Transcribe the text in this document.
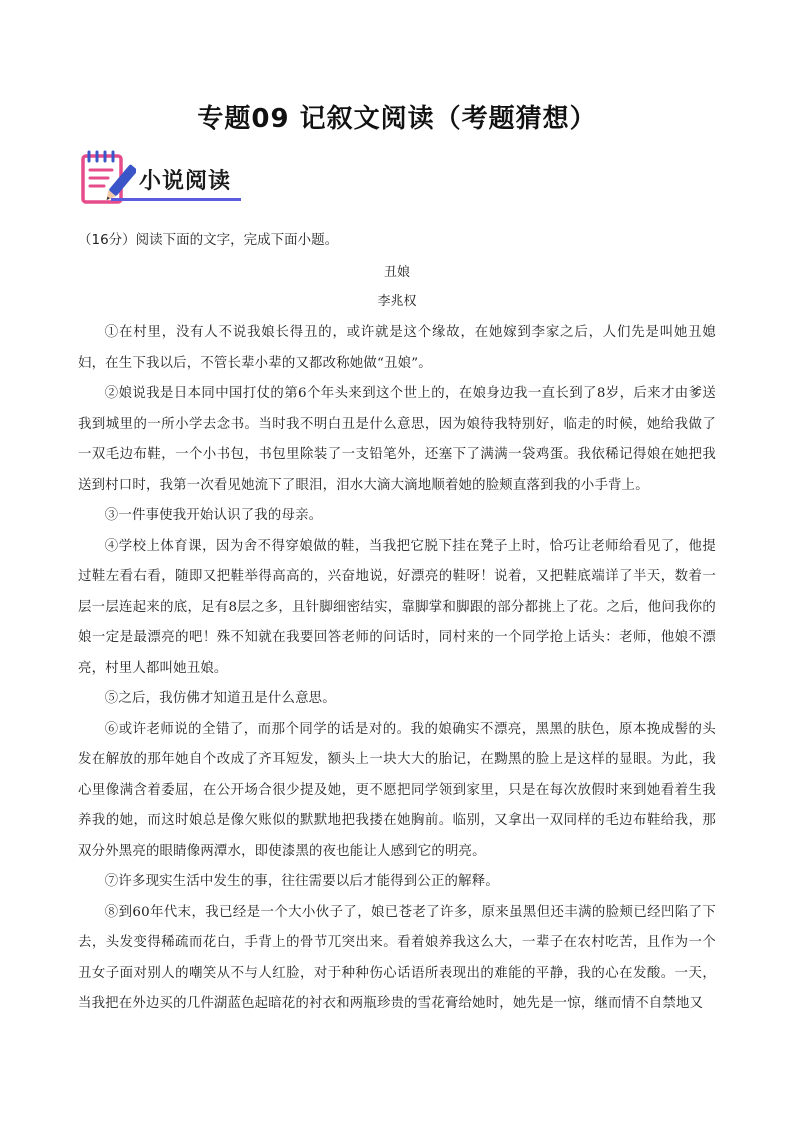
专题09 记叙文阅读（考题猜想）
小说阅读
（16分）阅读下面的文字，完成下面小题。
丑娘
李兆权

①在村里，没有人不说我娘长得丑的，或许就是这个缘故，在她嫁到李家之后，人们先是叫她丑媳妇，在生下我以后，不管长辈小辈的又都改称她做“丑娘”。

②娘说我是日本同中国打仗的第6个年头来到这个世上的，在娘身边我一直长到了8岁，后来才由爹送我到城里的一所小学去念书。当时我不明白丑是什么意思，因为娘待我特别好，临走的时候，她给我做了一双毛边布鞋，一个小书包，书包里除装了一支铅笔外，还塞下了满满一袋鸡蛋。我依稀记得娘在她把我送到村口时，我第一次看见她流下了眼泪，泪水大滴大滴地顺着她的脸颊直落到我的小手背上。

③一件事使我开始认识了我的母亲。

④学校上体育课，因为舍不得穿娘做的鞋，当我把它脱下挂在凳子上时，恰巧让老师给看见了，他提过鞋左看右看，随即又把鞋举得高高的，兴奋地说，好漂亮的鞋呀！说着，又把鞋底端详了半天，数着一层一层连起来的底，足有8层之多，且针脚细密结实，靠脚掌和脚跟的部分都挑上了花。之后，他问我你的娘一定是最漂亮的吧！殊不知就在我要回答老师的问话时，同村来的一个同学抢上话头：老师，他娘不漂亮，村里人都叫她丑娘。

⑤之后，我仿佛才知道丑是什么意思。

⑥或许老师说的全错了，而那个同学的话是对的。我的娘确实不漂亮，黑黑的肤色，原本挽成髻的头发在解放的那年她自个改成了齐耳短发，额头上一块大大的胎记，在黝黑的脸上是这样的显眼。为此，我心里像满含着委屈，在公开场合很少提及她，更不愿把同学领到家里，只是在每次放假时来到她看着生我养我的她，而这时娘总是像欠账似的默默地把我搂在她胸前。临别，又拿出一双同样的毛边布鞋给我，那双分外黑亮的眼睛像两潭水，即使漆黑的夜也能让人感到它的明亮。

⑦许多现实生活中发生的事，往往需要以后才能得到公正的解释。

⑧到60年代末，我已经是一个大小伙子了，娘已苍老了许多，原来虽黑但还丰满的脸颊已经凹陷了下去，头发变得稀疏而花白，手背上的骨节兀突出来。看着娘养我这么大，一辈子在农村吃苦，且作为一个丑女子面对别人的嘲笑从不与人红脸，对于种种伤心话语所表现出的难能的平静，我的心在发酸。一天，当我把在外边买的几件湖蓝色起暗花的衬衣和两瓶珍贵的雪花膏给她时，她先是一惊，继而情不自禁地又
